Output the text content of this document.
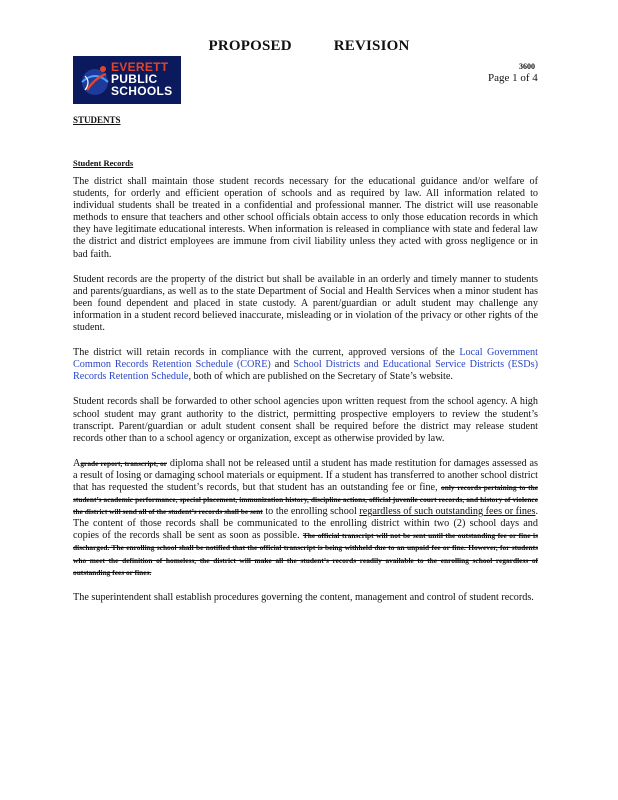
PROPOSED	REVISION
EVERETT
PUBLIC
SCHOOLS
3600
Page 1 of 4
STUDENTS
Student Records

The district shall maintain those student records necessary for the educational guidance and/or welfare of students, for orderly and efficient operation of schools and as required by law. All information related to individual students shall be treated in a confidential and professional manner. The district will use reasonable methods to ensure that teachers and other school officials obtain access to only those education records in which they have legitimate educational interests. When information is released in compliance with state and federal law the district and district employees are immune from civil liability unless they acted with gross negligence or in bad faith.

Student records are the property of the district but shall be available in an orderly and timely manner to students and parents/guardians, as well as to the state Department of Social and Health Services when a minor student has been found dependent and placed in state custody. A parent/guardian or adult student may challenge any information in a student record believed inaccurate, misleading or in violation of the privacy or other rights of the student.

The district will retain records in compliance with the current, approved versions of the Local Government Common Records Retention Schedule (CORE) and School Districts and Educational Service Districts (ESDs) Records Retention Schedule, both of which are published on the Secretary of State’s website.

Student records shall be forwarded to other school agencies upon written request from the school agency. A high school student may grant authority to the district, permitting prospective employers to review the student’s transcript. Parent/guardian or adult student consent shall be required before the district may release student records other than to a school agency or organization, except as otherwise provided by law.

Agrade report, transcript, or diploma shall not be released until a student has made restitution for damages assessed as a result of losing or damaging school materials or equipment. If a student has transferred to another school district that has requested the student’s records, but that student has an outstanding fee or fine, only records pertaining to the student’s academic performance, special placement, immunization history, discipline actions, official juvenile court records, and history of violence the district will send all of the student’s records shall be sent to the enrolling school regardless of such outstanding fees or fines. The content of those records shall be communicated to the enrolling district within two (2) school days and copies of the records shall be sent as soon as possible. The official transcript will not be sent until the outstanding fee or fine is discharged. The enrolling school shall be notified that the official transcript is being withheld due to an unpaid fee or fine. However, for students who meet the definition of homeless, the district will make all the student’s records readily available to the enrolling school regardless of outstanding fees or fines.

The superintendent shall establish procedures governing the content, management and control of student records.
